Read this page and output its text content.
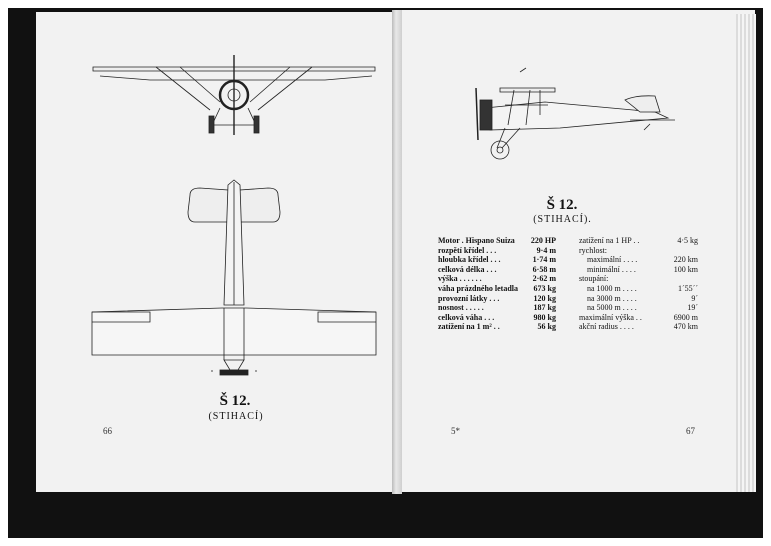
Š 12.
(STIHACÍ)
66
Š 12.
(STIHACÍ).
Motor . Hispano Suiza	220 HP
rozpětí křídel . . .	9·4 m
hloubka křídel . . .	1·74 m
celková délka . . .	6·58 m
výška . . . . . .	2·62 m
váha prázdného letadla	673 kg
provozní látky . . .	120 kg
nosnost . . . . .	187 kg
celková váha . . .	980 kg
zatížení na 1 m² . .	56 kg
zatížení na 1 HP . .	4·5 kg
rychlost:
maximální . . . .	220 km
minimální . . . .	100 km
stoupání:
na 1000 m . . . .	1´55´´
na 3000 m . . . .	9´
na 5000 m . . . .	19´
maximální výška . .	6900 m
akční radius . . . .	470 km
5*	67
